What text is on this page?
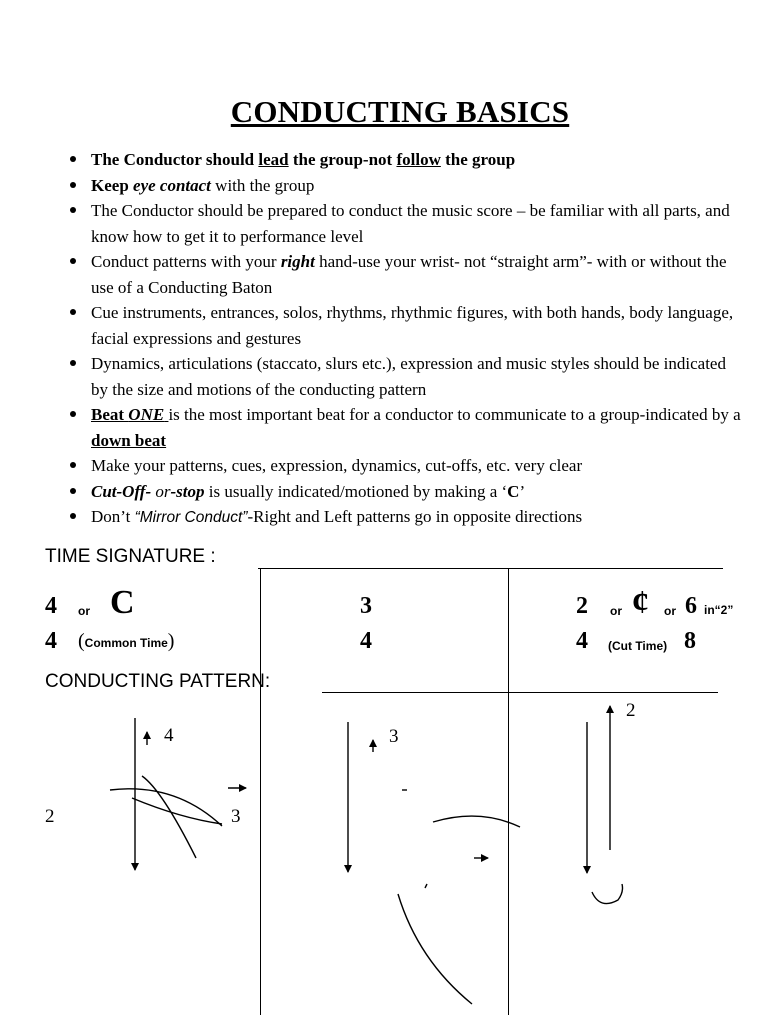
CONDUCTING BASICS
The Conductor should lead the group-not follow the group
Keep eye contact with the group
The Conductor should be prepared to conduct the music score – be familiar with all parts, and know how to get it to performance level
Conduct patterns with your right hand-use your wrist- not “straight arm”- with or without the use of a Conducting Baton
Cue instruments, entrances, solos, rhythms, rhythmic figures, with both hands, body language, facial expressions and gestures
Dynamics, articulations (staccato, slurs etc.), expression and music styles should be indicated by the size and motions of the conducting pattern
Beat ONE is the most important beat for a conductor to communicate to a group-indicated by a down beat
Make your patterns, cues, expression, dynamics, cut-offs, etc. very clear
Cut-Off- or-stop is usually indicated/motioned by making a ‘C’
Don’t “Mirror Conduct”-Right and Left patterns go in opposite directions
TIME SIGNATURE :
4 or C
4 (Common Time)
3
4
2 or ¢ or 6 in“2”
4 (Cut Time) 8
CONDUCTING PATTERN:
4
2	3
3
2
